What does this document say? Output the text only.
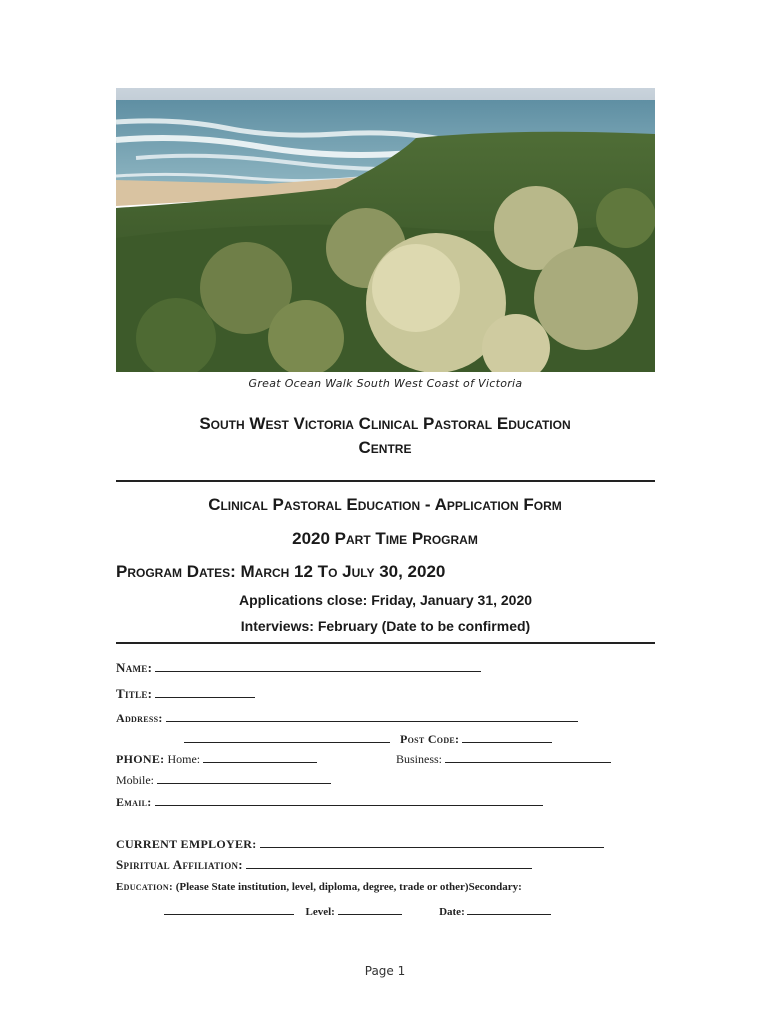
Great Ocean Walk South West Coast of Victoria
South West Victoria Clinical Pastoral Education
Centre
Clinical Pastoral Education - Application Form
2020 Part Time Program
Program Dates: March 12 To July 30, 2020
Applications close: Friday, January 31, 2020
Interviews: February (Date to be confirmed)
Name:
Title:
Address:
Post Code:
PHONE: Home:	Business:
Mobile:
Email:
CURRENT EMPLOYER:
Spiritual Affiliation:
Education: (Please State institution, level, diploma, degree, trade or other)Secondary:
Level:	Date:
Page 1
